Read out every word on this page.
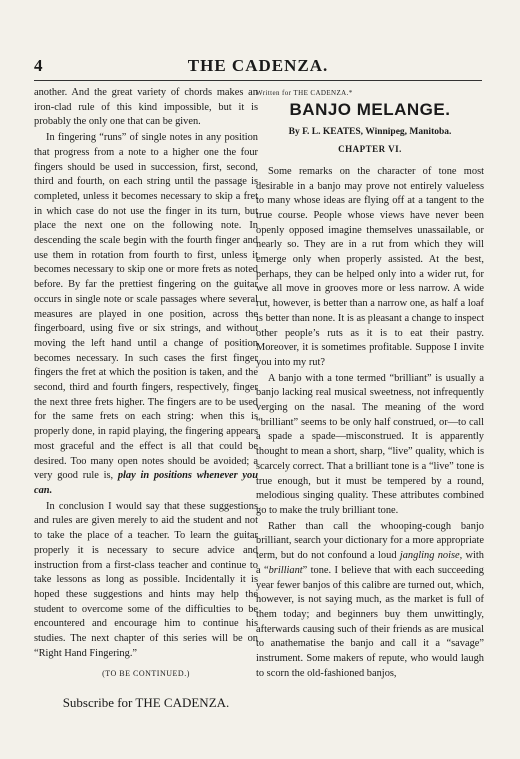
4	THE CADENZA.

another. And the great variety of chords makes an iron-clad rule of this kind impossible, but it is probably the only one that can be given.

In fingering “runs” of single notes in any position that progress from a note to a higher one the four fingers should be used in succession, first, second, third and fourth, on each string until the passage is completed, unless it becomes necessary to skip a fret in which case do not use the finger in its turn, but place the next one on the following note. In descending the scale begin with the fourth finger and use them in rotation from fourth to first, unless it becomes necessary to skip one or more frets as noted before. By far the prettiest fingering on the guitar occurs in single note or scale passages where several measures are played in one position, across the fingerboard, using five or six strings, and without moving the left hand until a change of position becomes necessary. In such cases the first finger fingers the fret at which the position is taken, and the second, third and fourth fingers, respectively, finger the next three frets higher. The fingers are to be used for the same frets on each string: when this is properly done, in rapid playing, the fingering appears most graceful and the effect is all that could be desired. Too many open notes should be avoided; a very good rule is, play in positions whenever you can.

In conclusion I would say that these suggestions and rules are given merely to aid the student and not to take the place of a teacher. To learn the guitar properly it is necessary to secure advice and instruction from a first-class teacher and continue to take lessons as long as possible. Incidentally it is hoped these suggestions and hints may help the student to overcome some of the difficulties to be encountered and encourage him to continue his studies. The next chapter of this series will be on “Right Hand Fingering.”

(TO BE CONTINUED.)

Subscribe for THE CADENZA.

Written for THE CADENZA.*

BANJO MELANGE.

By F. L. KEATES, Winnipeg, Manitoba.

CHAPTER VI.

Some remarks on the character of tone most desirable in a banjo may prove not entirely valueless to many whose ideas are flying off at a tangent to the true course. People whose views have never been openly opposed imagine themselves unassailable, or nearly so. They are in a rut from which they will emerge only when properly assisted. At the best, perhaps, they can be helped only into a wider rut, for we all move in grooves more or less narrow. A wide rut, however, is better than a narrow one, as half a loaf is better than none. It is as pleasant a change to inspect other people’s ruts as it is to eat their pastry. Moreover, it is sometimes profitable. Suppose I invite you into my rut?

A banjo with a tone termed “brilliant” is usually a banjo lacking real musical sweetness, not infrequently verging on the nasal. The meaning of the word “brilliant” seems to be only half construed, or—to call a spade a spade—misconstrued. It is apparently thought to mean a short, sharp, “live” quality, which is scarcely correct. That a brilliant tone is a “live” tone is true enough, but it must be tempered by a round, melodious singing quality. These attributes combined go to make the truly brilliant tone.

Rather than call the whooping-cough banjo brilliant, search your dictionary for a more appropriate term, but do not confound a loud jangling noise, with a “brilliant” tone. I believe that with each succeeding year fewer banjos of this calibre are turned out, which, however, is not saying much, as the market is full of them today; and beginners buy them unwittingly, afterwards causing such of their friends as are musical to anathematise the banjo and call it a “savage” instrument. Some makers of repute, who would laugh to scorn the old-fashioned banjos,
